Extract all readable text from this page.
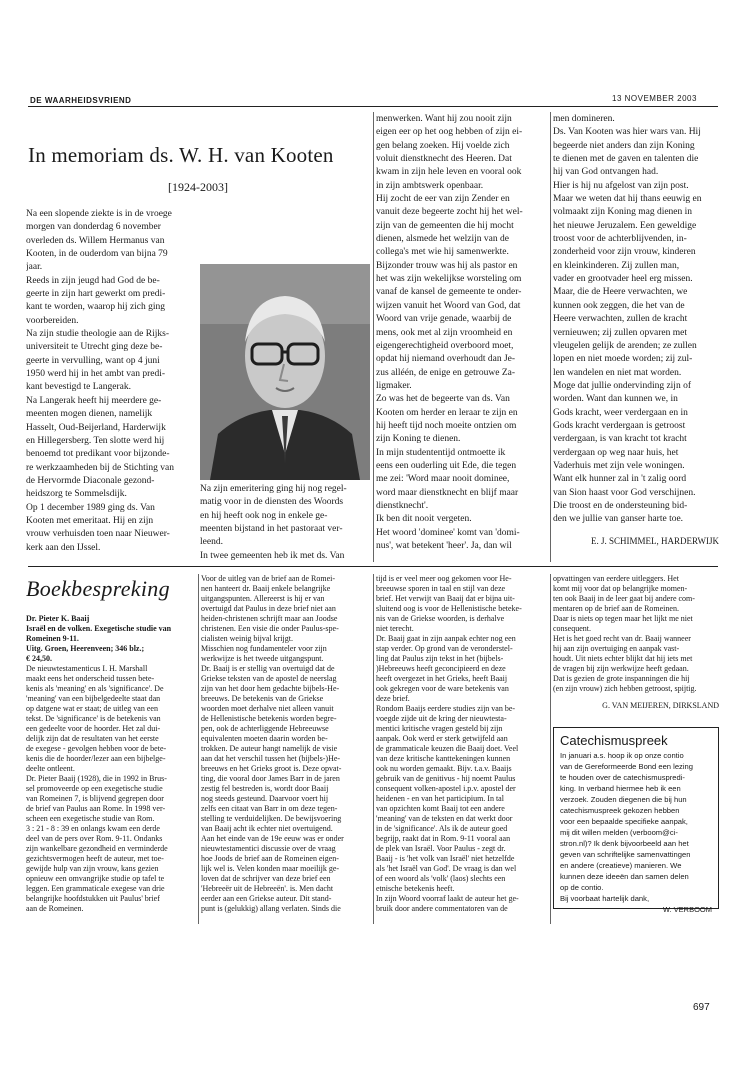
DE WAARHEIDSVRIEND	13 NOVEMBER 2003
In memoriam ds. W. H. van Kooten
[1924-2003]
Na een slopende ziekte is in de vroege
morgen van donderdag 6 november
overleden ds. Willem Hermanus van
Kooten, in de ouderdom van bijna 79
jaar.
Reeds in zijn jeugd had God de be-
geerte in zijn hart gewerkt om predi-
kant te worden, waarop hij zich ging
voorbereiden.
Na zijn studie theologie aan de Rijks-
universiteit te Utrecht ging deze be-
geerte in vervulling, want op 4 juni
1950 werd hij in het ambt van predi-
kant bevestigd te Langerak.
Na Langerak heeft hij meerdere ge-
meenten mogen dienen, namelijk
Hasselt, Oud-Beijerland, Harderwijk
en Hillegersberg. Ten slotte werd hij
benoemd tot predikant voor bijzonde-
re werkzaamheden bij de Stichting van
de Hervormde Diaconale gezond-
heidszorg te Sommelsdijk.
Op 1 december 1989 ging ds. Van
Kooten met emeritaat. Hij en zijn
vrouw verhuisden toen naar Nieuwer-
kerk aan den IJssel.
Na zijn emeritering ging hij nog regel-
matig voor in de diensten des Woords
en hij heeft ook nog in enkele ge-
meenten bijstand in het pastoraat ver-
leend.
In twee gemeenten heb ik met ds. Van
menwerken. Want hij zou nooit zijn
eigen eer op het oog hebben of zijn ei-
gen belang zoeken. Hij voelde zich
voluit dienstknecht des Heeren. Dat
kwam in zijn hele leven en vooral ook
in zijn ambtswerk openbaar.
Hij zocht de eer van zijn Zender en
vanuit deze begeerte zocht hij het wel-
zijn van de gemeenten die hij mocht
dienen, alsmede het welzijn van de
collega's met wie hij samenwerkte.
Bijzonder trouw was hij als pastor en
het was zijn wekelijkse worsteling om
vanaf de kansel de gemeente te onder-
wijzen vanuit het Woord van God, dat
Woord van vrije genade, waarbij de
mens, ook met al zijn vroomheid en
eigengerechtigheid overboord moet,
opdat hij niemand overhoudt dan Je-
zus alléén, de enige en getrouwe Za-
ligmaker.
Zo was het de begeerte van ds. Van
Kooten om herder en leraar te zijn en
hij heeft tijd noch moeite ontzien om
zijn Koning te dienen.
In mijn studententijd ontmoette ik
eens een ouderling uit Ede, die tegen
me zei: 'Word maar nooit dominee,
word maar dienstknecht en blijf maar
dienstknecht'.
Ik ben dit nooit vergeten.
Het woord 'dominee' komt van 'domi-
nus', wat betekent 'heer'. Ja, dan wil
men domineren.
Ds. Van Kooten was hier wars van. Hij
begeerde niet anders dan zijn Koning
te dienen met de gaven en talenten die
hij van God ontvangen had.
Hier is hij nu afgelost van zijn post.
Maar we weten dat hij thans eeuwig en
volmaakt zijn Koning mag dienen in
het nieuwe Jeruzalem. Een geweldige
troost voor de achterblijvenden, in-
zonderheid voor zijn vrouw, kinderen
en kleinkinderen. Zij zullen man,
vader en grootvader heel erg missen.
Maar, die de Heere verwachten, we
kunnen ook zeggen, die het van de
Heere verwachten, zullen de kracht
vernieuwen; zij zullen opvaren met
vleugelen gelijk de arenden; ze zullen
lopen en niet moede worden; zij zul-
len wandelen en niet mat worden.
Moge dat jullie ondervinding zijn of
worden. Want dan kunnen we, in
Gods kracht, weer verdergaan en in
Gods kracht verdergaan is getroost
verdergaan, is van kracht tot kracht
verdergaan op weg naar huis, het
Vaderhuis met zijn vele woningen.
Want elk hunner zal in 't zalig oord
van Sion haast voor God verschijnen.
Die troost en de ondersteuning bid-
den we jullie van ganser harte toe.
E. J. SCHIMMEL, HARDERWIJK
Boekbespreking
Dr. Pieter K. Baaij
Israël en de volken. Exegetische studie van Romeinen 9-11.
Uitg. Groen, Heerenveen; 346 blz.;
€ 24,50.
De nieuwtestamenticus I. H. Marshall
maakt eens het onderscheid tussen bete-
kenis als 'meaning' en als 'significance'. De
'meaning' van een bijbelgedeelte staat dan
op datgene wat er staat; de uitleg van een
tekst. De 'significance' is de betekenis van
een gedeelte voor de hoorder. Het zal dui-
delijk zijn dat de resultaten van het eerste
de exegese - gevolgen hebben voor de bete-
kenis die de hoorder/lezer aan een bijbelge-
deelte ontleent.
Dr. Pieter Baaij (1928), die in 1992 in Brus-
sel promoveerde op een exegetische studie
van Romeinen 7, is blijvend gegrepen door
de brief van Paulus aan Rome. In 1998 ver-
scheen een exegetische studie van Rom.
3 : 21 - 8 : 39 en onlangs kwam een derde
deel van de pers over Rom. 9-11. Ondanks
zijn wankelbare gezondheid en verminderde
gezichtsvermogen heeft de auteur, met toe-
gewijde hulp van zijn vrouw, kans gezien
opnieuw een omvangrijke studie op tafel te
leggen. Een grammaticale exegese van drie
belangrijke hoofdstukken uit Paulus' brief
aan de Romeinen.
Voor de uitleg van de brief aan de Romei-
nen hanteert dr. Baaij enkele belangrijke
uitgangspunten. Allereerst is hij er van
overtuigd dat Paulus in deze brief niet aan
heiden-christenen schrijft maar aan Joodse
christenen. Een visie die onder Paulus-spe-
cialisten weinig bijval krijgt.
Misschien nog fundamenteler voor zijn
werkwijze is het tweede uitgangspunt.
Dr. Baaij is er stellig van overtuigd dat de
Griekse teksten van de apostel de neerslag
zijn van het door hem gedachte bijbels-He-
breeuws. De betekenis van de Griekse
woorden moet derhalve niet alleen vanuit
de Hellenistische betekenis worden begre-
pen, ook de achterliggende Hebreeuwse
equivalenten moeten daarin worden be-
trokken. De auteur hangt namelijk de visie
aan dat het verschil tussen het (bijbels-)He-
breeuws en het Grieks groot is. Deze opvat-
ting, die vooral door James Barr in de jaren
zestig fel bestreden is, wordt door Baaij
nog steeds gesteund. Daarvoor voert hij
zelfs een citaat van Barr in om deze tegen-
stelling te verduidelijken. De bewijsvoering
van Baaij acht ik echter niet overtuigend.
Aan het einde van de 19e eeuw was er onder
nieuwtestamentici discussie over de vraag
hoe Joods de brief aan de Romeinen eigen-
lijk wel is. Velen konden maar moeilijk ge-
loven dat de schrijver van deze brief een
'Hebreeër uit de Hebreeën'. is. Men dacht
eerder aan een Griekse auteur. Dit stand-
punt is (gelukkig) allang verlaten. Sinds die
tijd is er veel meer oog gekomen voor He-
breeuwse sporen in taal en stijl van deze
brief. Het verwijt van Baaij dat er bijna uit-
sluitend oog is voor de Hellenistische beteke-
nis van de Griekse woorden, is derhalve
niet terecht.
Dr. Baaij gaat in zijn aanpak echter nog een
stap verder. Op grond van de veronderstel-
ling dat Paulus zijn tekst in het (bijbels-
)Hebreeuws heeft geconcipieerd en deze
heeft overgezet in het Grieks, heeft Baaij
ook gekregen voor de ware betekenis van
deze brief.
Rondom Baaijs eerdere studies zijn van be-
voegde zijde uit de kring der nieuwtesta-
mentici kritische vragen gesteld bij zijn
aanpak. Ook werd er sterk getwijfeld aan
de grammaticale keuzen die Baaij doet. Veel
van deze kritische kanttekeningen kunnen
ook nu worden gemaakt. Bijv. t.a.v. Baaijs
gebruik van de genitivus - hij noemt Paulus
consequent volken-apostel i.p.v. apostel der
heidenen - en van het participium. In tal
van opzichten komt Baaij tot een andere
'meaning' van de teksten en dat werkt door
in de 'significance'. Als ik de auteur goed
begrijp, raakt dat in Rom. 9-11 vooral aan
de plek van Israël. Voor Paulus - zegt dr.
Baaij - is 'het volk van Israël' niet hetzelfde
als 'het Israël van God'. De vraag is dan wel
of een woord als 'volk' (laos) slechts een
etnische betekenis heeft.
In zijn Woord voorraf laakt de auteur het ge-
bruik door andere commentatoren van de
opvattingen van eerdere uitleggers. Het
komt mij voor dat op belangrijke momen-
ten ook Baaij in de leer gaat bij andere com-
mentaren op de brief aan de Romeinen.
Daar is niets op tegen maar het lijkt me niet
consequent.
Het is het goed recht van dr. Baaij wanneer
hij aan zijn overtuiging en aanpak vast-
houdt. Uit niets echter blijkt dat hij iets met
de vragen bij zijn werkwijze heeft gedaan.
Dat is gezien de grote inspanningen die hij
(en zijn vrouw) zich hebben getroost, spijtig.
G. VAN MEIJEREN, DIRKSLAND
Catechismuspreek
In januari a.s. hoop ik op onze contio
van de Gereformeerde Bond een lezing
te houden over de catechismuspredi-
king. In verband hiermee heb ik een
verzoek. Zouden diegenen die bij hun
catechismuspreek gekozen hebben
voor een bepaalde specifieke aanpak,
mij dit willen melden (verboom@ci-
stron.nl)? Ik denk bijvoorbeeld aan het
geven van schriftelijke samenvattingen
en andere (creatieve) manieren. We
kunnen deze ideeën dan samen delen
op de contio.
Bij voorbaat hartelijk dank,
W. VERBOOM
697
